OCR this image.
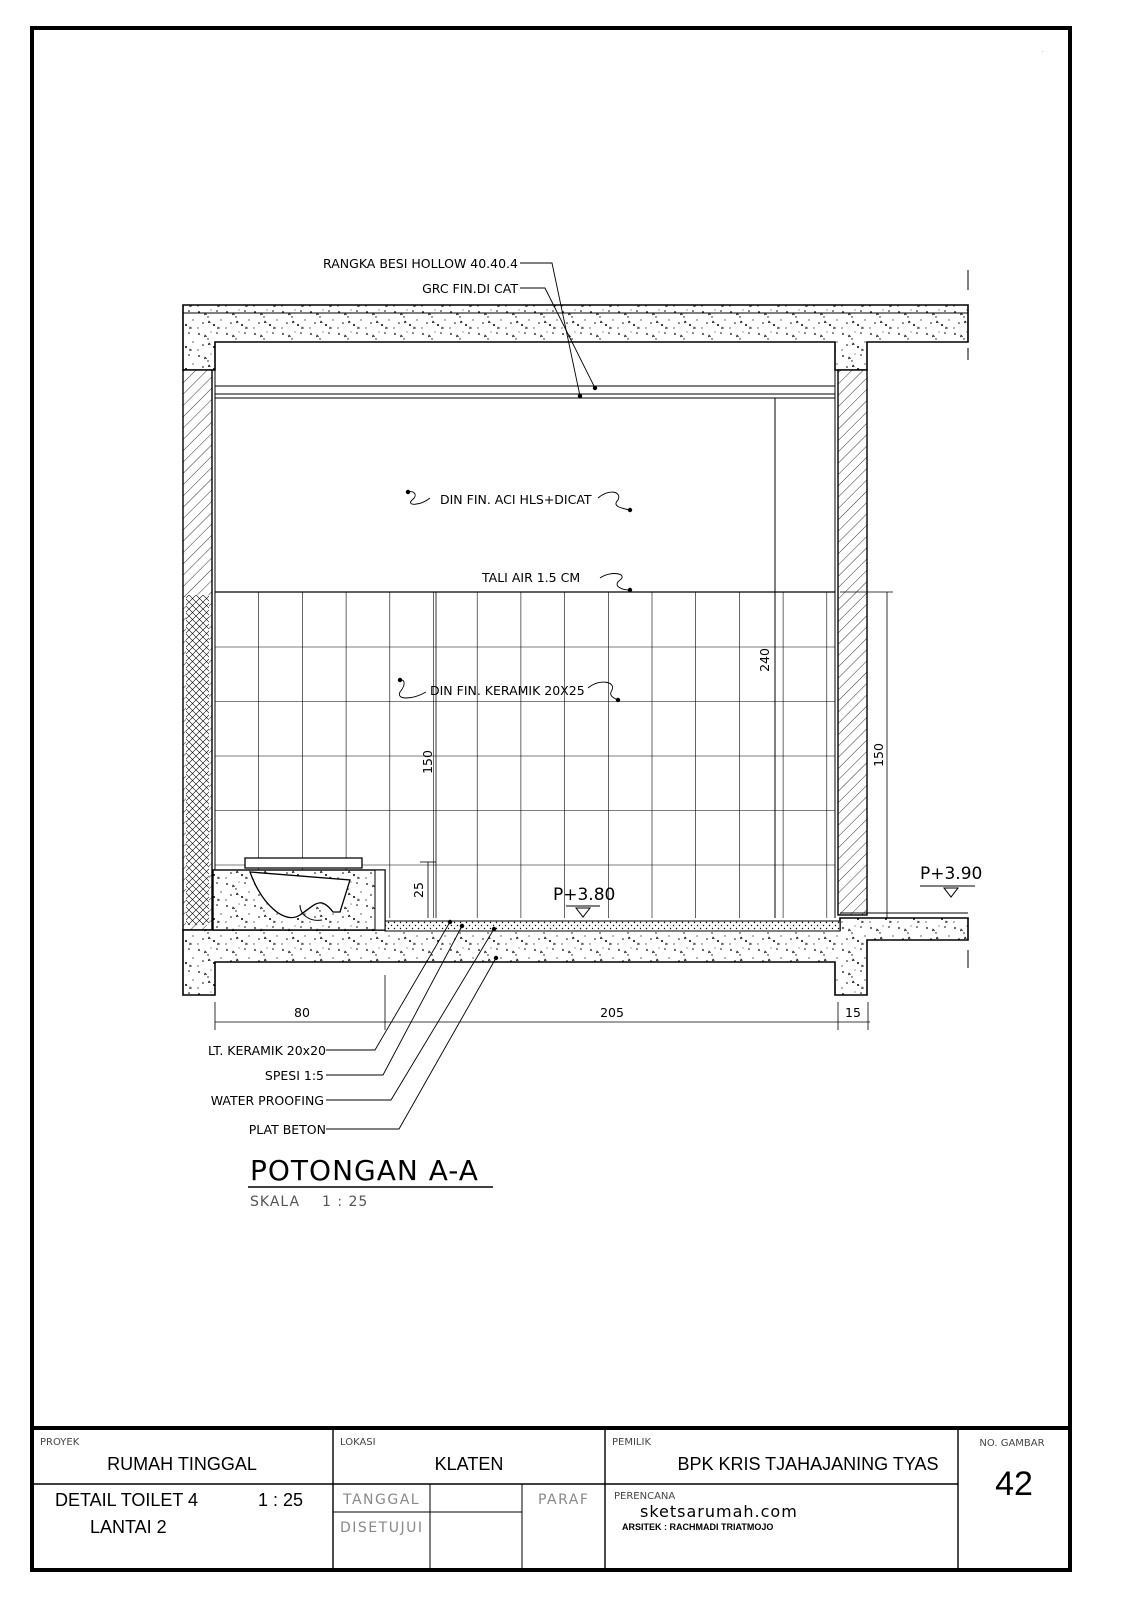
.
RANGKA BESI HOLLOW 40.40.4
GRC FIN.DI CAT
DIN FIN. ACI HLS+DICAT
TALI AIR 1.5 CM
DIN FIN. KERAMIK 20X25
LT. KERAMIK 20x20
SPESI 1:5
WATER PROOFING
PLAT BETON
P+3.80
P+3.90
80	205	15
240
150
25
150
POTONGAN A-A
SKALA 1 : 25
PROYEK
RUMAH TINGGAL
LOKASI
KLATEN
PEMILIK
BPK KRIS TJAHAJANING TYAS
NO. GAMBAR
42
DETAIL TOILET 4	1 : 25
LANTAI 2
TANGGAL	PARAF
DISETUJUI
PERENCANA
sketsarumah.com
ARSITEK : RACHMADI TRIATMOJO
